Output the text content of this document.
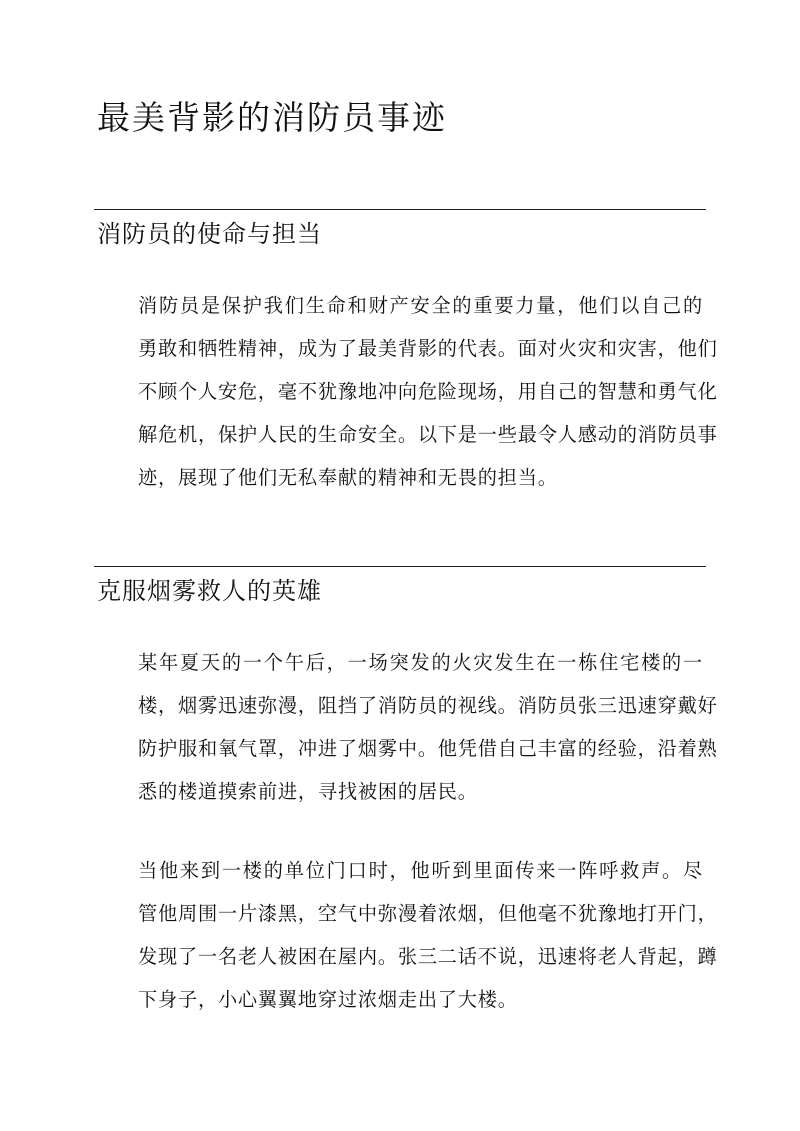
最美背影的消防员事迹
消防员的使命与担当

消防员是保护我们生命和财产安全的重要力量，他们以自己的
勇敢和牺牲精神，成为了最美背影的代表。面对火灾和灾害，他们
不顾个人安危，毫不犹豫地冲向危险现场，用自己的智慧和勇气化
解危机，保护人民的生命安全。以下是一些最令人感动的消防员事
迹，展现了他们无私奉献的精神和无畏的担当。

克服烟雾救人的英雄

某年夏天的一个午后，一场突发的火灾发生在一栋住宅楼的一
楼，烟雾迅速弥漫，阻挡了消防员的视线。消防员张三迅速穿戴好
防护服和氧气罩，冲进了烟雾中。他凭借自己丰富的经验，沿着熟
悉的楼道摸索前进，寻找被困的居民。

当他来到一楼的单位门口时，他听到里面传来一阵呼救声。尽
管他周围一片漆黑，空气中弥漫着浓烟，但他毫不犹豫地打开门，
发现了一名老人被困在屋内。张三二话不说，迅速将老人背起，蹲
下身子，小心翼翼地穿过浓烟走出了大楼。
